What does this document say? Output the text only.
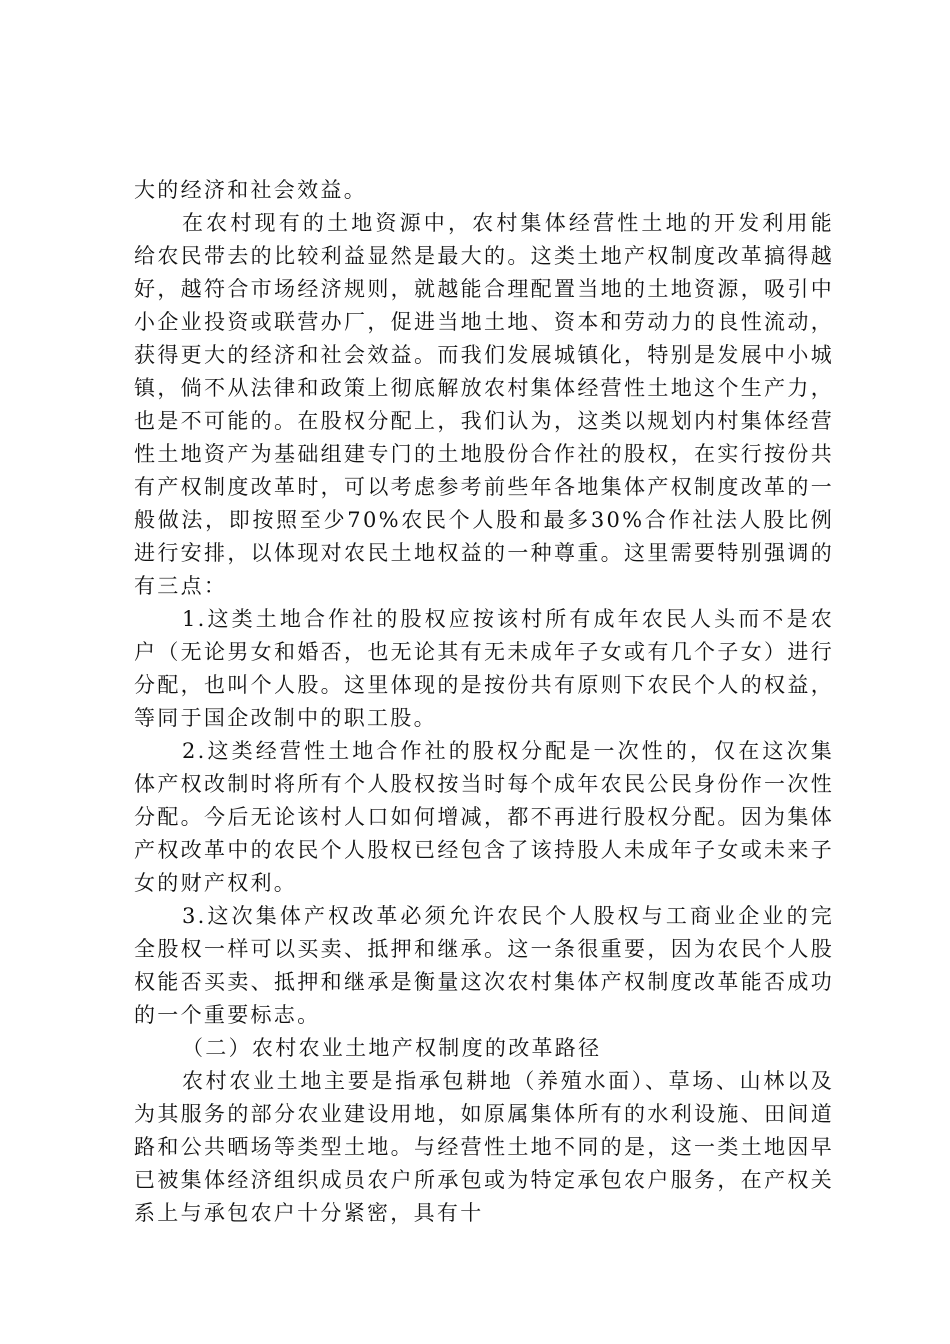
大的经济和社会效益。

在农村现有的土地资源中，农村集体经营性土地的开发利用能给农民带去的比较利益显然是最大的。这类土地产权制度改革搞得越好，越符合市场经济规则，就越能合理配置当地的土地资源，吸引中小企业投资或联营办厂，促进当地土地、资本和劳动力的良性流动，获得更大的经济和社会效益。而我们发展城镇化，特别是发展中小城镇，倘不从法律和政策上彻底解放农村集体经营性土地这个生产力，也是不可能的。在股权分配上，我们认为，这类以规划内村集体经营性土地资产为基础组建专门的土地股份合作社的股权，在实行按份共有产权制度改革时，可以考虑参考前些年各地集体产权制度改革的一般做法，即按照至少70%农民个人股和最多30%合作社法人股比例进行安排，以体现对农民土地权益的一种尊重。这里需要特别强调的有三点：

1.这类土地合作社的股权应按该村所有成年农民人头而不是农户（无论男女和婚否，也无论其有无未成年子女或有几个子女）进行分配，也叫个人股。这里体现的是按份共有原则下农民个人的权益，等同于国企改制中的职工股。

2.这类经营性土地合作社的股权分配是一次性的，仅在这次集体产权改制时将所有个人股权按当时每个成年农民公民身份作一次性分配。今后无论该村人口如何增减，都不再进行股权分配。因为集体产权改革中的农民个人股权已经包含了该持股人未成年子女或未来子女的财产权利。

3.这次集体产权改革必须允许农民个人股权与工商业企业的完全股权一样可以买卖、抵押和继承。这一条很重要，因为农民个人股权能否买卖、抵押和继承是衡量这次农村集体产权制度改革能否成功的一个重要标志。

（二）农村农业土地产权制度的改革路径

农村农业土地主要是指承包耕地（养殖水面）、草场、山林以及为其服务的部分农业建设用地，如原属集体所有的水利设施、田间道路和公共晒场等类型土地。与经营性土地不同的是，这一类土地因早已被集体经济组织成员农户所承包或为特定承包农户服务，在产权关系上与承包农户十分紧密，具有十
